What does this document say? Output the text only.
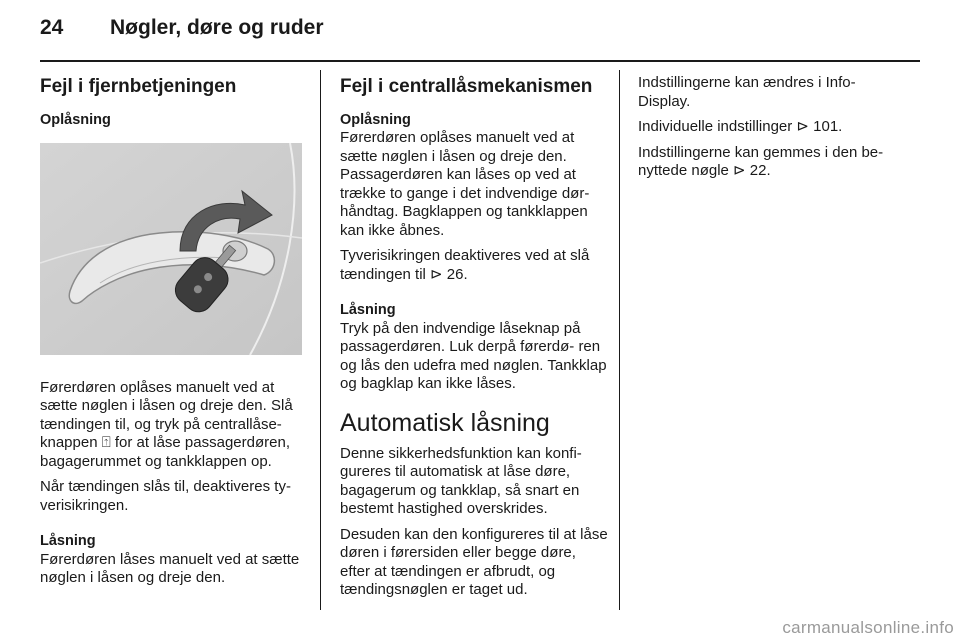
24 Nøgler, døre og ruder
Fejl i fjernbetjeningen
Oplåsning

Førerdøren oplåses manuelt ved at sætte nøglen i låsen og dreje den. Slå tændingen til, og tryk på centrallåse- knappen ⍐ for at låse passagerdøren, bagagerummet og tankklappen op.

Når tændingen slås til, deaktiveres ty- verisikringen.

Låsning

Førerdøren låses manuelt ved at sætte nøglen i låsen og dreje den.

Fejl i centrallåsmekanismen
Oplåsning

Førerdøren oplåses manuelt ved at sætte nøglen i låsen og dreje den. Passagerdøren kan låses op ved at trække to gange i det indvendige dør- håndtag. Bagklappen og tankklappen kan ikke åbnes.

Tyverisikringen deaktiveres ved at slå tændingen til ⊳ 26.

Låsning

Tryk på den indvendige låseknap på passagerdøren. Luk derpå førerdø- ren og lås den udefra med nøglen. Tankklap og bagklap kan ikke låses.

Automatisk låsning

Denne sikkerhedsfunktion kan konfi- gureres til automatisk at låse døre, bagagerum og tankklap, så snart en bestemt hastighed overskrides.

Desuden kan den konfigureres til at låse døren i førersiden eller begge døre, efter at tændingen er afbrudt, og tændingsnøglen er taget ud.

Indstillingerne kan ændres i Info-Display.

Individuelle indstillinger ⊳ 101.

Indstillingerne kan gemmes i den be- nyttede nøgle ⊳ 22.

carmanualsonline.info
